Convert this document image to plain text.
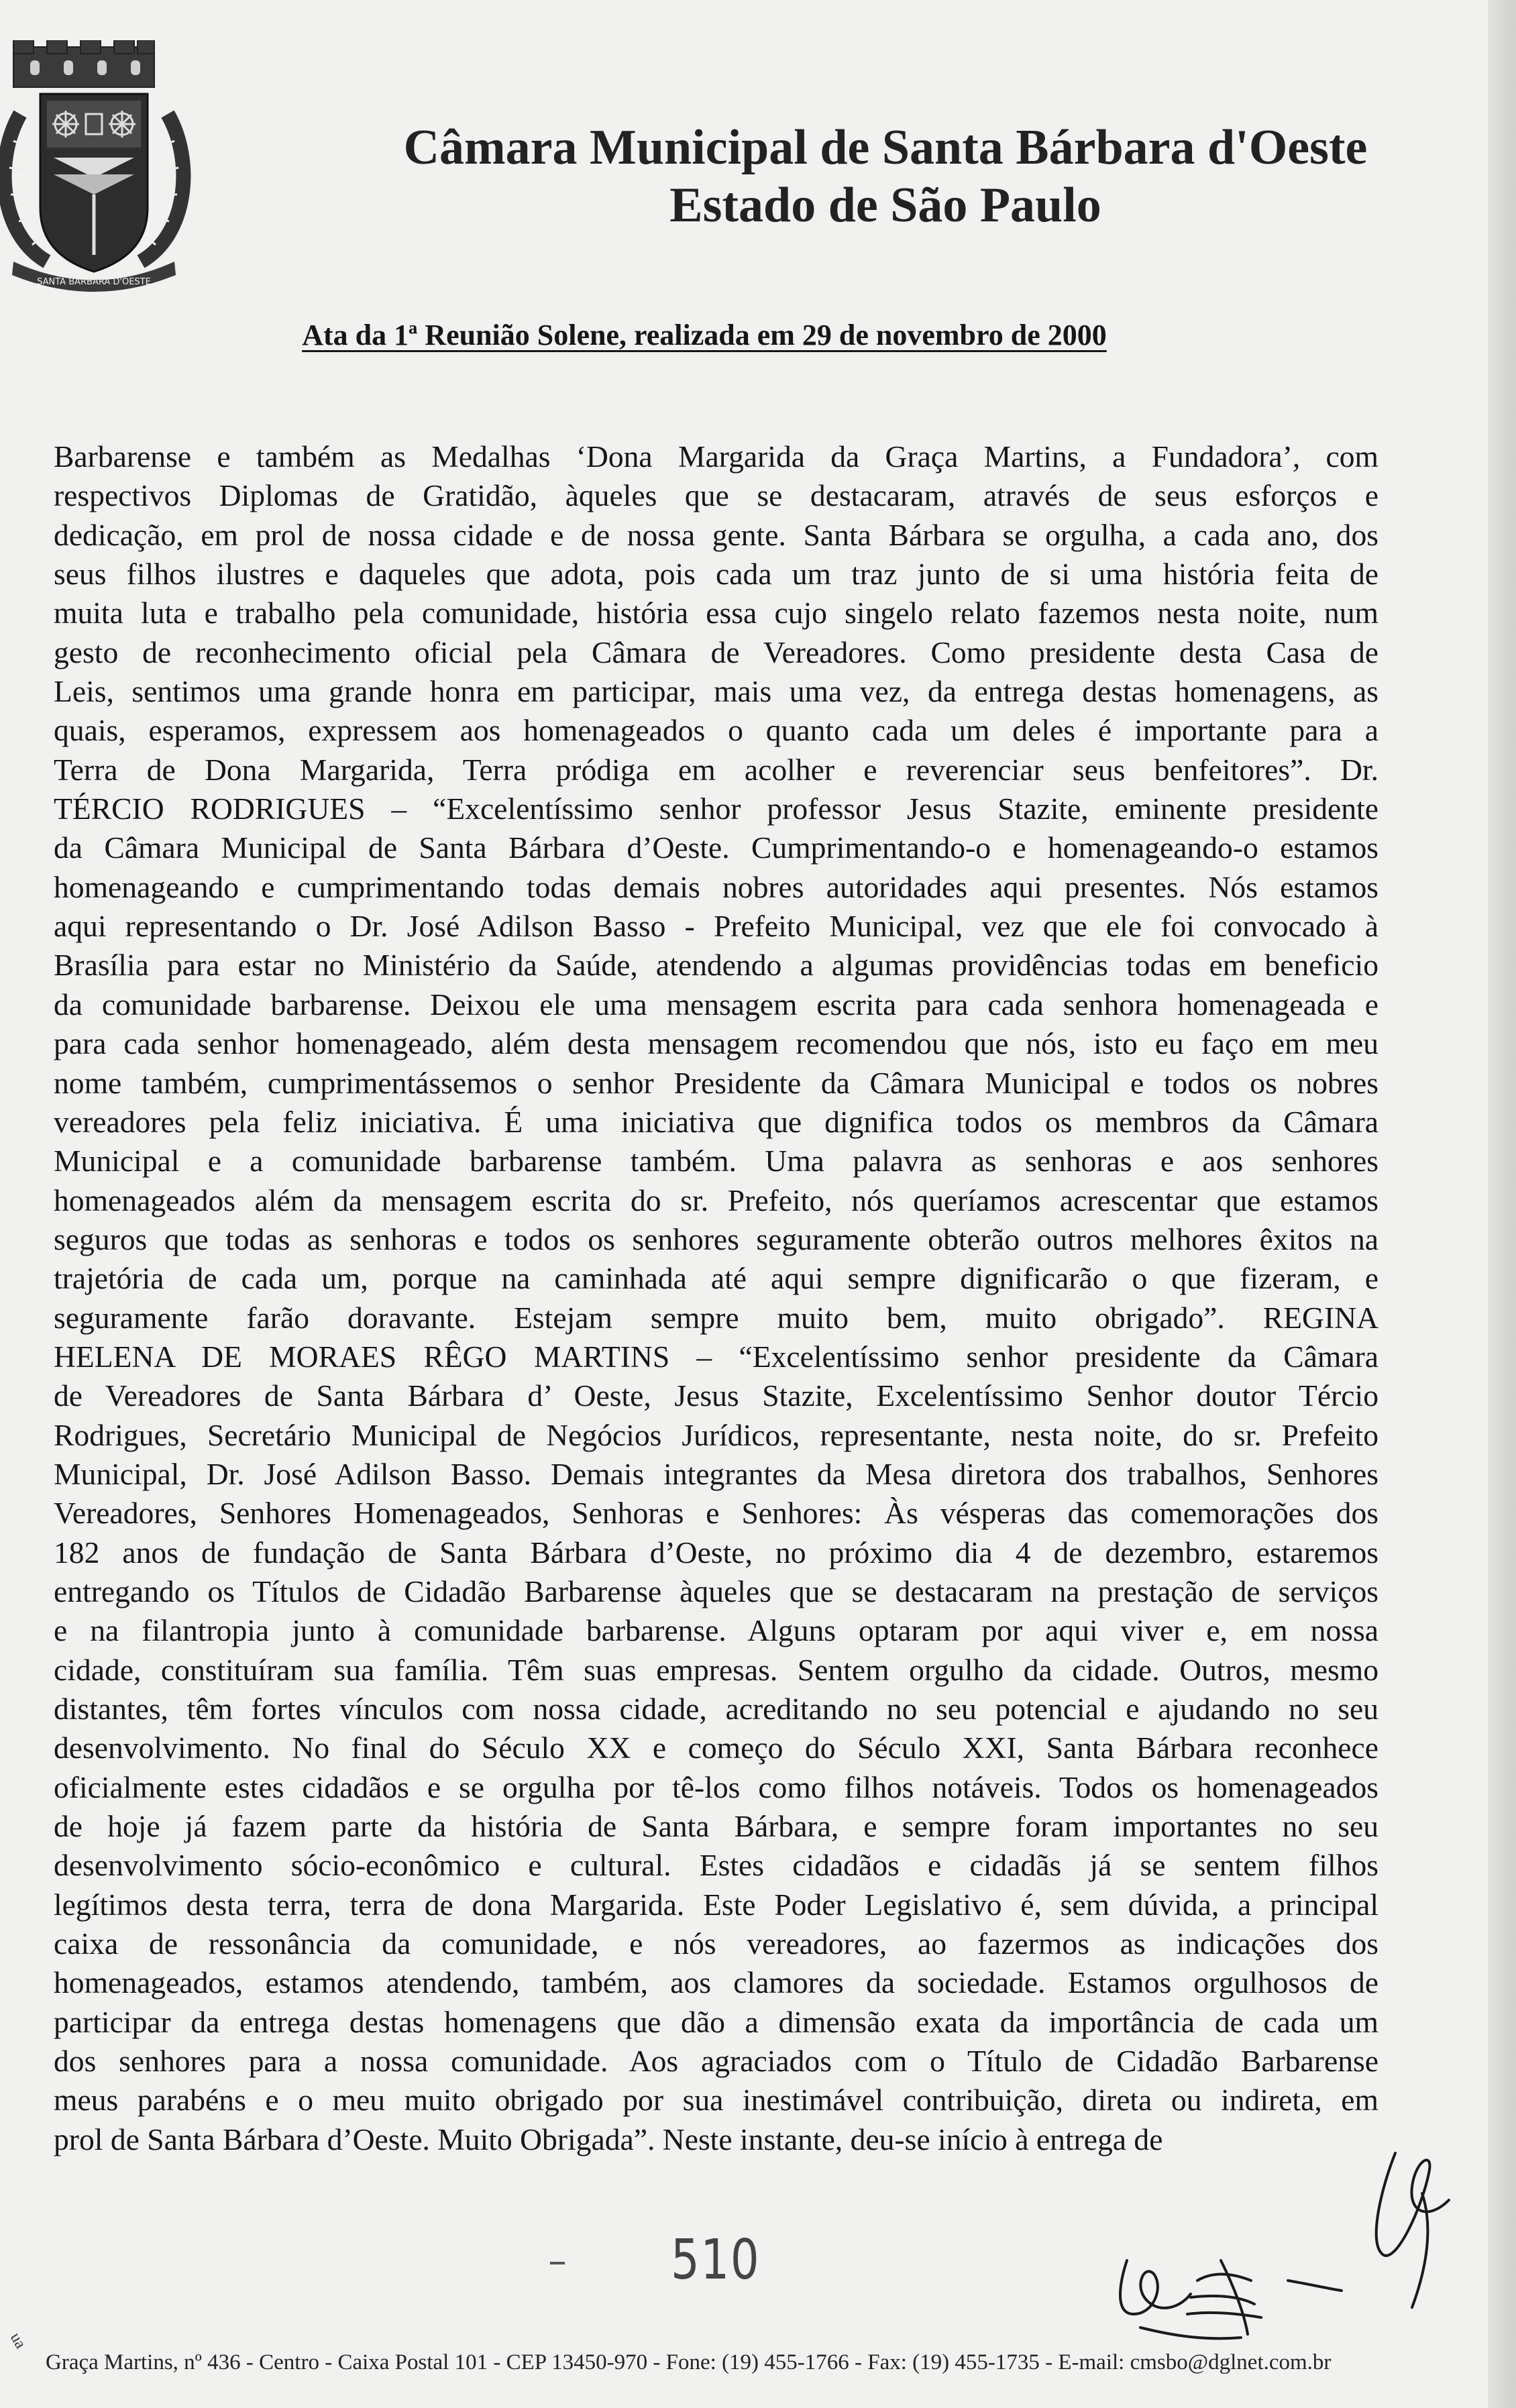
SANTA BARBARA D'OESTE
Câmara Municipal de Santa Bárbara d'Oeste
Estado de São Paulo
Ata da 1ª Reunião Solene, realizada em 29 de novembro de 2000
Barbarense e também as Medalhas ‘Dona Margarida da Graça Martins, a Fundadora’, com
respectivos Diplomas de Gratidão, àqueles que se destacaram, através de seus esforços e
dedicação, em prol de nossa cidade e de nossa gente. Santa Bárbara se orgulha, a cada ano, dos
seus filhos ilustres e daqueles que adota, pois cada um traz junto de si uma história feita de
muita luta e trabalho pela comunidade, história essa cujo singelo relato fazemos nesta noite, num
gesto de reconhecimento oficial pela Câmara de Vereadores. Como presidente desta Casa de
Leis, sentimos uma grande honra em participar, mais uma vez, da entrega destas homenagens, as
quais, esperamos, expressem aos homenageados o quanto cada um deles é importante para a
Terra de Dona Margarida, Terra pródiga em acolher e reverenciar seus benfeitores”. Dr.
TÉRCIO RODRIGUES – “Excelentíssimo senhor professor Jesus Stazite, eminente presidente
da Câmara Municipal de Santa Bárbara d’Oeste. Cumprimentando-o e homenageando-o estamos
homenageando e cumprimentando todas demais nobres autoridades aqui presentes. Nós estamos
aqui representando o Dr. José Adilson Basso - Prefeito Municipal, vez que ele foi convocado à
Brasília para estar no Ministério da Saúde, atendendo a algumas providências todas em beneficio
da comunidade barbarense. Deixou ele uma mensagem escrita para cada senhora homenageada e
para cada senhor homenageado, além desta mensagem recomendou que nós, isto eu faço em meu
nome também, cumprimentássemos o senhor Presidente da Câmara Municipal e todos os nobres
vereadores pela feliz iniciativa. É uma iniciativa que dignifica todos os membros da Câmara
Municipal e a comunidade barbarense também. Uma palavra as senhoras e aos senhores
homenageados além da mensagem escrita do sr. Prefeito, nós queríamos acrescentar que estamos
seguros que todas as senhoras e todos os senhores seguramente obterão outros melhores êxitos na
trajetória de cada um, porque na caminhada até aqui sempre dignificarão o que fizeram, e
seguramente farão doravante. Estejam sempre muito bem, muito obrigado”. REGINA
HELENA DE MORAES RÊGO MARTINS – “Excelentíssimo senhor presidente da Câmara
de Vereadores de Santa Bárbara d’ Oeste, Jesus Stazite, Excelentíssimo Senhor doutor Tércio
Rodrigues, Secretário Municipal de Negócios Jurídicos, representante, nesta noite, do sr. Prefeito
Municipal, Dr. José Adilson Basso. Demais integrantes da Mesa diretora dos trabalhos, Senhores
Vereadores, Senhores Homenageados, Senhoras e Senhores: Às vésperas das comemorações dos
182 anos de fundação de Santa Bárbara d’Oeste, no próximo dia 4 de dezembro, estaremos
entregando os Títulos de Cidadão Barbarense àqueles que se destacaram na prestação de serviços
e na filantropia junto à comunidade barbarense. Alguns optaram por aqui viver e, em nossa
cidade, constituíram sua família. Têm suas empresas. Sentem orgulho da cidade. Outros, mesmo
distantes, têm fortes vínculos com nossa cidade, acreditando no seu potencial e ajudando no seu
desenvolvimento. No final do Século XX e começo do Século XXI, Santa Bárbara reconhece
oficialmente estes cidadãos e se orgulha por tê-los como filhos notáveis. Todos os homenageados
de hoje já fazem parte da história de Santa Bárbara, e sempre foram importantes no seu
desenvolvimento sócio-econômico e cultural. Estes cidadãos e cidadãs já se sentem filhos
legítimos desta terra, terra de dona Margarida. Este Poder Legislativo é, sem dúvida, a principal
caixa de ressonância da comunidade, e nós vereadores, ao fazermos as indicações dos
homenageados, estamos atendendo, também, aos clamores da sociedade. Estamos orgulhosos de
participar da entrega destas homenagens que dão a dimensão exata da importância de cada um
dos senhores para a nossa comunidade. Aos agraciados com o Título de Cidadão Barbarense
meus parabéns e o meu muito obrigado por sua inestimável contribuição, direta ou indireta, em
prol de Santa Bárbara d’Oeste. Muito Obrigada”. Neste instante, deu-se início à entrega de
510
ua
Graça Martins, nº 436 - Centro - Caixa Postal 101 - CEP 13450-970 - Fone: (19) 455-1766 - Fax: (19) 455-1735 - E-mail: cmsbo@dglnet.com.br
